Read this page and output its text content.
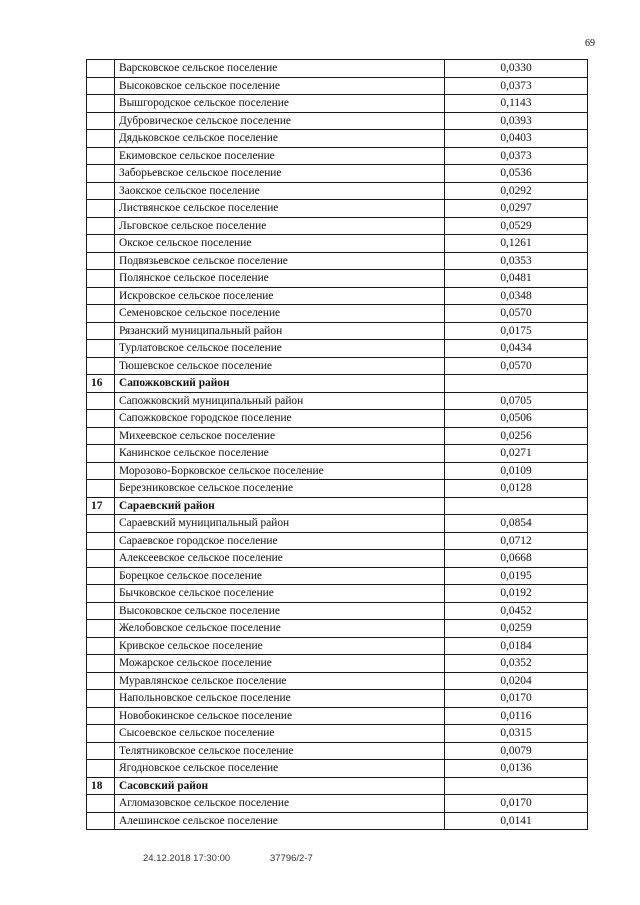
69
	Варсковское сельское поселение	0,0330
	Высоковское сельское поселение	0,0373
	Вышгородское сельское поселение	0,1143
	Дубровическое сельское поселение	0,0393
	Дядьковское сельское поселение	0,0403
	Екимовское сельское поселение	0,0373
	Заборьевское сельское поселение	0,0536
	Заокское сельское поселение	0,0292
	Листвянское сельское поселение	0,0297
	Льговское сельское поселение	0,0529
	Окское сельское поселение	0,1261
	Подвязьевское сельское поселение	0,0353
	Полянское сельское поселение	0,0481
	Искровское сельское поселение	0,0348
	Семеновское сельское поселение	0,0570
	Рязанский муниципальный район	0,0175
	Турлатовское сельское поселение	0,0434
	Тюшевское сельское поселение	0,0570
16	Сапожковский район	
	Сапожковский муниципальный район	0,0705
	Сапожковское городское поселение	0,0506
	Михеевское сельское поселение	0,0256
	Канинское сельское поселение	0,0271
	Морозово-Борковское сельское поселение	0,0109
	Березниковское сельское поселение	0,0128
17	Сараевский район	
	Сараевский муниципальный район	0,0854
	Сараевское городское поселение	0,0712
	Алексеевское сельское поселение	0,0668
	Борецкое сельское поселение	0,0195
	Бычковское сельское поселение	0,0192
	Высоковское сельское поселение	0,0452
	Желобовское сельское поселение	0,0259
	Кривское сельское поселение	0,0184
	Можарское сельское поселение	0,0352
	Муравлянское сельское поселение	0,0204
	Напольновское сельское поселение	0,0170
	Новобокинское сельское поселение	0,0116
	Сысоевское сельское поселение	0,0315
	Телятниковское сельское поселение	0,0079
	Ягодновское сельское поселение	0,0136
18	Сасовский район	
	Агломазовское сельское поселение	0,0170
	Алешинское сельское поселение	0,0141
24.12.2018 17:30:00	37796/2-7
